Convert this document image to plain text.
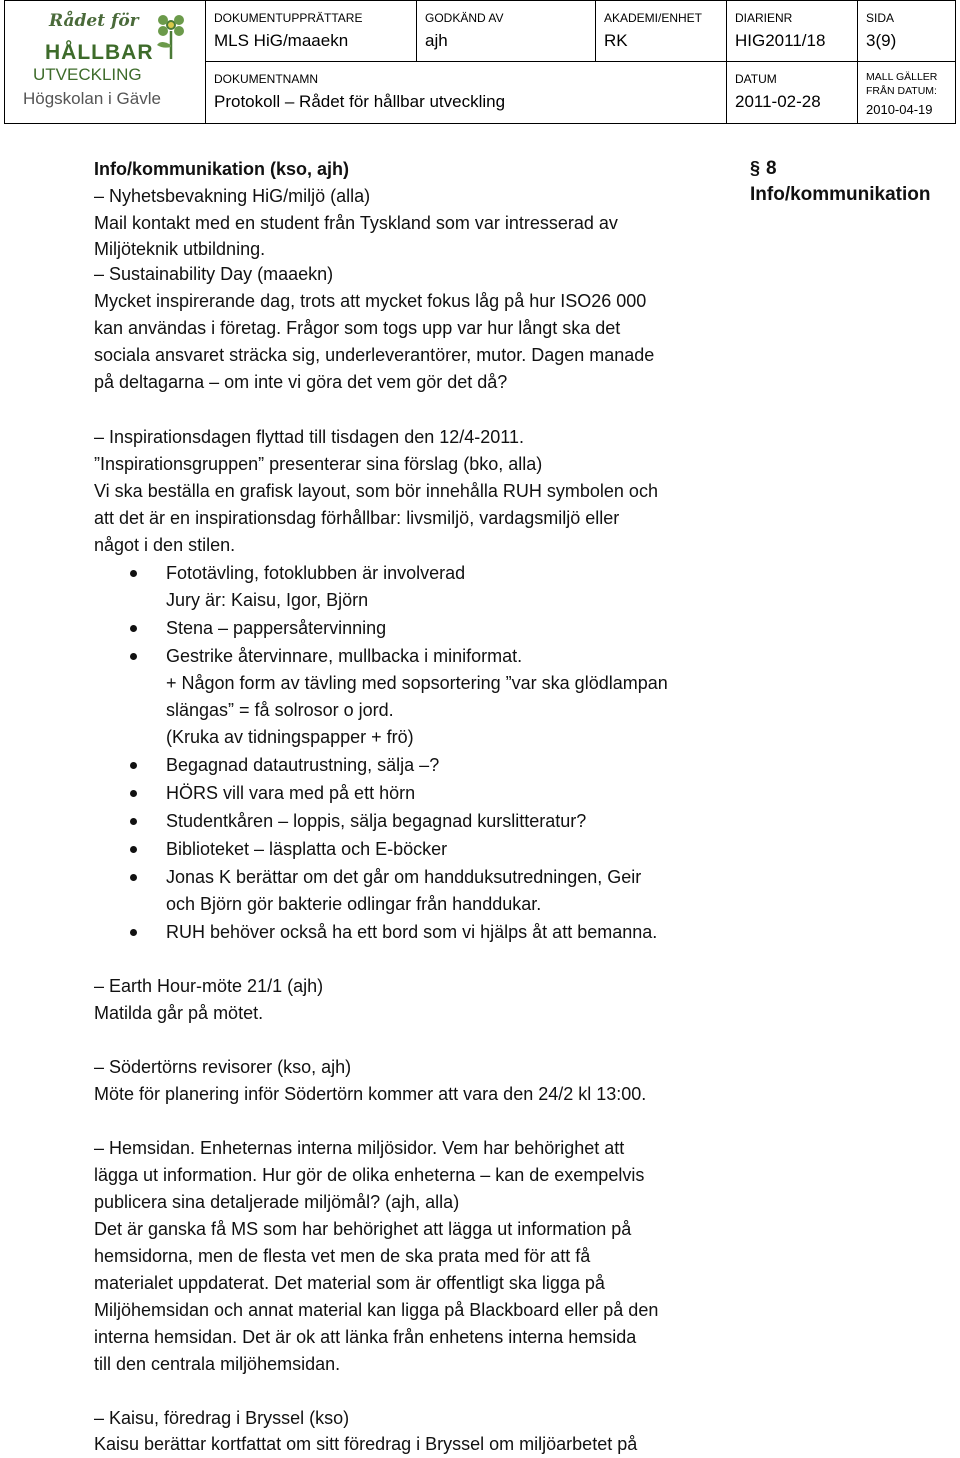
Rådet för
HÅLLBAR
UTVECKLING
Högskolan i Gävle
DOKUMENTUPPRÄTTARE
MLS HiG/maaekn
GODKÄND AV
ajh
AKADEMI/ENHET
RK
DIARIENR
HIG2011/18
SIDA
3(9)
DOKUMENTNAMN
Protokoll – Rådet för hållbar utveckling
DATUM
2011-02-28
MALL GÄLLER
FRÅN DATUM:
2010-04-19
§ 8
Info/kommunikation
Info/kommunikation (kso, ajh)
– Nyhetsbevakning HiG/miljö (alla)
Mail kontakt med en student från Tyskland som var intresserad av
Miljöteknik utbildning.
– Sustainability Day (maaekn)
Mycket inspirerande dag, trots att mycket fokus låg på hur ISO26 000
kan användas i företag. Frågor som togs upp var hur långt ska det
sociala ansvaret sträcka sig, underleverantörer, mutor. Dagen manade
på deltagarna – om inte vi göra det vem gör det då?
– Inspirationsdagen flyttad till tisdagen den 12/4-2011.
”Inspirationsgruppen” presenterar sina förslag (bko, alla)
Vi ska beställa en grafisk layout, som bör innehålla RUH symbolen och
att det är en inspirationsdag förhållbar: livsmiljö, vardagsmiljö eller
något i den stilen.
Fototävling, fotoklubben är involverad
Jury är: Kaisu, Igor, Björn
Stena – pappersåtervinning
Gestrike återvinnare, mullbacka i miniformat.
+ Någon form av tävling med sopsortering ”var ska glödlampan
slängas” = få solrosor o jord.
(Kruka av tidningspapper + frö)
Begagnad datautrustning, sälja –?
HÖRS vill vara med på ett hörn
Studentkåren – loppis, sälja begagnad kurslitteratur?
Biblioteket – läsplatta och E-böcker
Jonas K berättar om det går om handduksutredningen, Geir
och Björn gör bakterie odlingar från handdukar.
RUH behöver också ha ett bord som vi hjälps åt att bemanna.
– Earth Hour-möte 21/1 (ajh)
Matilda går på mötet.
– Södertörns revisorer (kso, ajh)
Möte för planering inför Södertörn kommer att vara den 24/2 kl 13:00.
– Hemsidan. Enheternas interna miljösidor. Vem har behörighet att
lägga ut information. Hur gör de olika enheterna – kan de exempelvis
publicera sina detaljerade miljömål? (ajh, alla)
Det är ganska få MS som har behörighet att lägga ut information på
hemsidorna, men de flesta vet men de ska prata med för att få
materialet uppdaterat. Det material som är offentligt ska ligga på
Miljöhemsidan och annat material kan ligga på Blackboard eller på den
interna hemsidan. Det är ok att länka från enhetens interna hemsida
till den centrala miljöhemsidan.
– Kaisu, föredrag i Bryssel (kso)
Kaisu berättar kortfattat om sitt föredrag i Bryssel om miljöarbetet på
